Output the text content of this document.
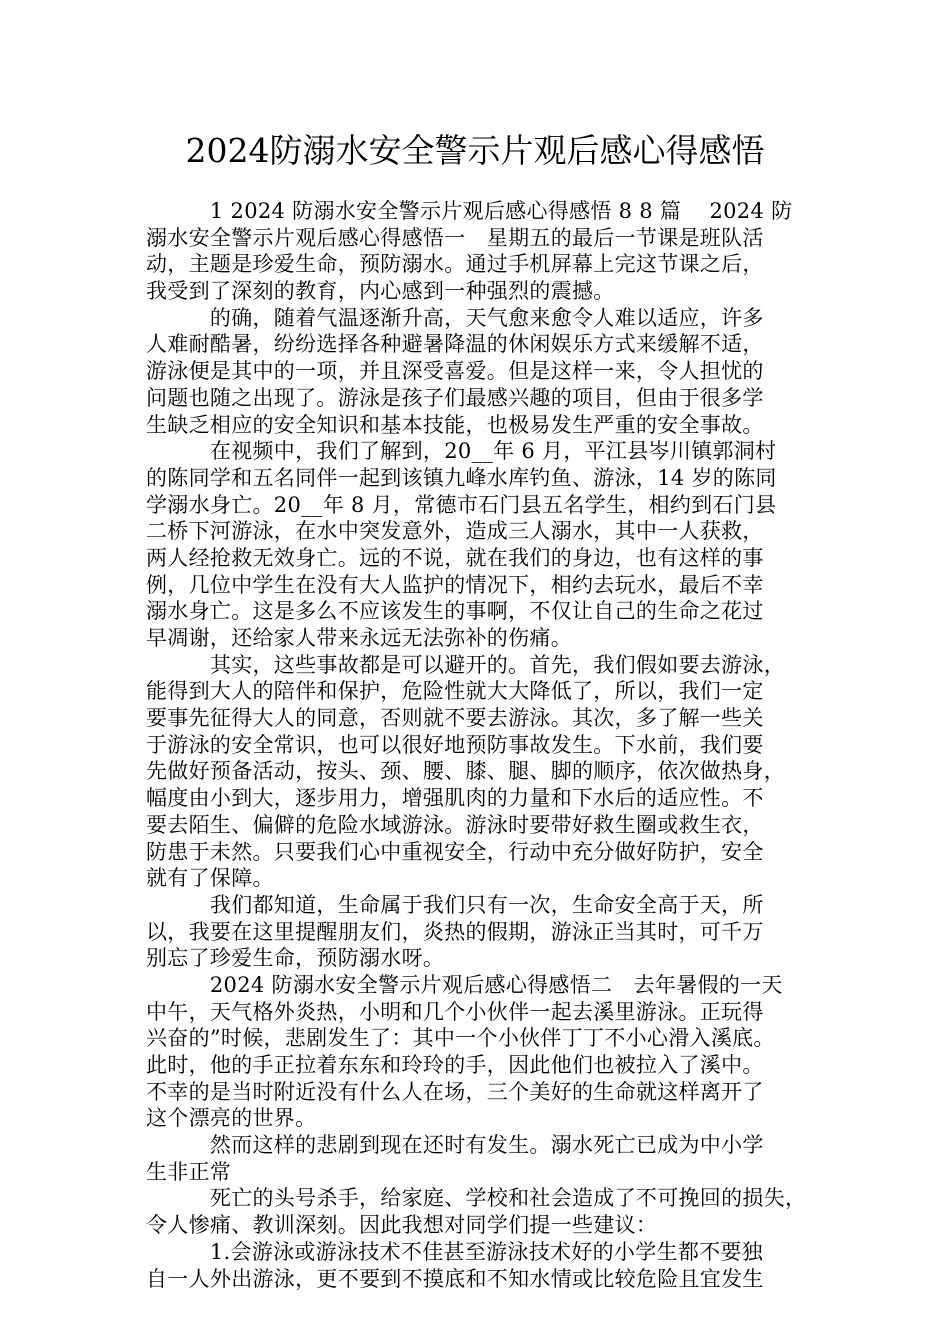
2024防溺水安全警示片观后感心得感悟
　　　1 2024 防溺水安全警示片观后感心得感悟 8 8 篇　 2024 防
溺水安全警示片观后感心得感悟一　星期五的最后一节课是班队活
动，主题是珍爱生命，预防溺水。通过手机屏幕上完这节课之后，
我受到了深刻的教育，内心感到一种强烈的震撼。
　　　的确，随着气温逐渐升高，天气愈来愈令人难以适应，许多
人难耐酷暑，纷纷选择各种避暑降温的休闲娱乐方式来缓解不适，
游泳便是其中的一项，并且深受喜爱。但是这样一来，令人担忧的
问题也随之出现了。游泳是孩子们最感兴趣的项目，但由于很多学
生缺乏相应的安全知识和基本技能，也极易发生严重的安全事故。
　　　在视频中，我们了解到，20__年 6 月，平江县岑川镇郭洞村
的陈同学和五名同伴一起到该镇九峰水库钓鱼、游泳，14 岁的陈同
学溺水身亡。20__年 8 月，常德市石门县五名学生，相约到石门县
二桥下河游泳，在水中突发意外，造成三人溺水，其中一人获救，
两人经抢救无效身亡。远的不说，就在我们的身边，也有这样的事
例，几位中学生在没有大人监护的情况下，相约去玩水，最后不幸
溺水身亡。这是多么不应该发生的事啊，不仅让自己的生命之花过
早凋谢，还给家人带来永远无法弥补的伤痛。
　　　其实，这些事故都是可以避开的。首先，我们假如要去游泳，
能得到大人的陪伴和保护，危险性就大大降低了，所以，我们一定
要事先征得大人的同意，否则就不要去游泳。其次，多了解一些关
于游泳的安全常识，也可以很好地预防事故发生。下水前，我们要
先做好预备活动，按头、颈、腰、膝、腿、脚的顺序，依次做热身，
幅度由小到大，逐步用力，增强肌肉的力量和下水后的适应性。不
要去陌生、偏僻的危险水域游泳。游泳时要带好救生圈或救生衣，
防患于未然。只要我们心中重视安全，行动中充分做好防护，安全
就有了保障。
　　　我们都知道，生命属于我们只有一次，生命安全高于天，所
以，我要在这里提醒朋友们，炎热的假期，游泳正当其时，可千万
别忘了珍爱生命，预防溺水呀。
　　　2024 防溺水安全警示片观后感心得感悟二　去年暑假的一天
中午，天气格外炎热，小明和几个小伙伴一起去溪里游泳。正玩得
兴奋的”时候，悲剧发生了：其中一个小伙伴丁丁不小心滑入溪底。
此时，他的手正拉着东东和玲玲的手，因此他们也被拉入了溪中。
不幸的是当时附近没有什么人在场，三个美好的生命就这样离开了
这个漂亮的世界。
　　　然而这样的悲剧到现在还时有发生。溺水死亡已成为中小学
生非正常
　　　死亡的头号杀手，给家庭、学校和社会造成了不可挽回的损失，
令人惨痛、教训深刻。因此我想对同学们提一些建议：
　　　1.会游泳或游泳技术不佳甚至游泳技术好的小学生都不要独
自一人外出游泳，更不要到不摸底和不知水情或比较危险且宜发生
